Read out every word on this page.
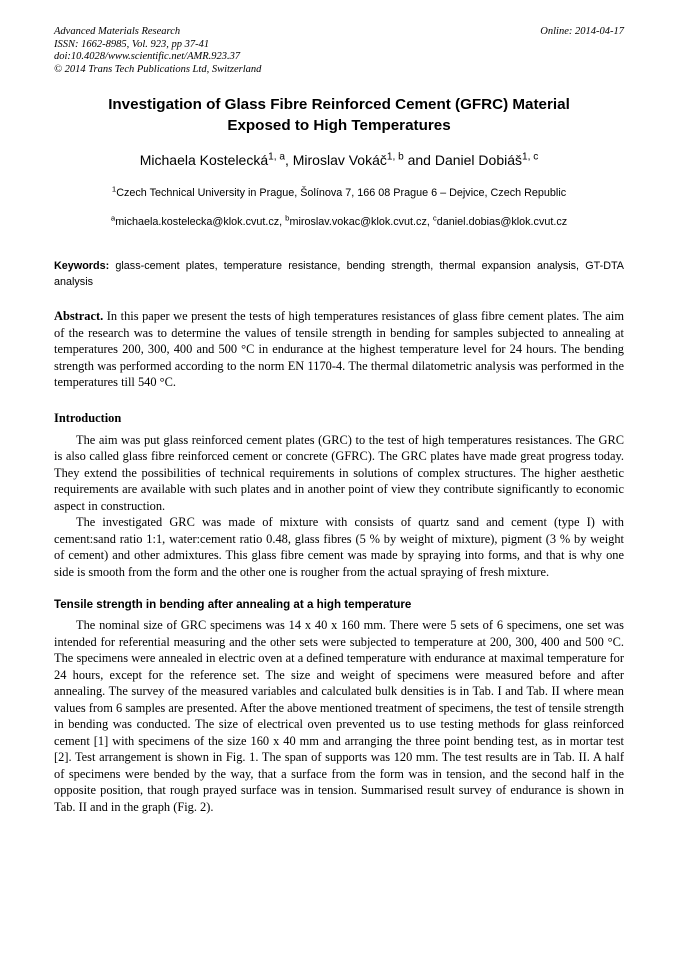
Advanced Materials Research
ISSN: 1662-8985, Vol. 923, pp 37-41
doi:10.4028/www.scientific.net/AMR.923.37
© 2014 Trans Tech Publications Ltd, Switzerland
Online: 2014-04-17
Investigation of Glass Fibre Reinforced Cement (GFRC) Material
Exposed to High Temperatures
Michaela Kostelecká$^{1, a}$, Miroslav Vokáč$^{1, b}$ and Daniel Dobiáš$^{1, c}$
$^1$Czech Technical University in Prague, Šolínova 7, 166 08 Prague 6 – Dejvice, Czech Republic
$^a$michaela.kostelecka@klok.cvut.cz, $^b$miroslav.vokac@klok.cvut.cz, $^c$daniel.dobias@klok.cvut.cz
Keywords: glass-cement plates, temperature resistance, bending strength, thermal expansion analysis, GT-DTA analysis
Abstract. In this paper we present the tests of high temperatures resistances of glass fibre cement plates. The aim of the research was to determine the values of tensile strength in bending for samples subjected to annealing at temperatures 200, 300, 400 and 500 °C in endurance at the highest temperature level for 24 hours. The bending strength was performed according to the norm EN 1170-4. The thermal dilatometric analysis was performed in the temperatures till 540 °C.
Introduction

The aim was put glass reinforced cement plates (GRC) to the test of high temperatures resistances. The GRC is also called glass fibre reinforced cement or concrete (GFRC). The GRC plates have made great progress today. They extend the possibilities of technical requirements in solutions of complex structures. The higher aesthetic requirements are available with such plates and in another point of view they contribute significantly to economic aspect in construction.

The investigated GRC was made of mixture with consists of quartz sand and cement (type I) with cement:sand ratio 1:1, water:cement ratio 0.48, glass fibres (5 % by weight of mixture), pigment (3 % by weight of cement) and other admixtures. This glass fibre cement was made by spraying into forms, and that is why one side is smooth from the form and the other one is rougher from the actual spraying of fresh mixture.

Tensile strength in bending after annealing at a high temperature

The nominal size of GRC specimens was 14 x 40 x 160 mm. There were 5 sets of 6 specimens, one set was intended for referential measuring and the other sets were subjected to temperature at 200, 300, 400 and 500 °C. The specimens were annealed in electric oven at a defined temperature with endurance at maximal temperature for 24 hours, except for the reference set. The size and weight of specimens were measured before and after annealing. The survey of the measured variables and calculated bulk densities is in Tab. I and Tab. II where mean values from 6 samples are presented. After the above mentioned treatment of specimens, the test of tensile strength in bending was conducted. The size of electrical oven prevented us to use testing methods for glass reinforced cement [1] with specimens of the size 160 x 40 mm and arranging the three point bending test, as in mortar test [2]. Test arrangement is shown in Fig. 1. The span of supports was 120 mm. The test results are in Tab. II. A half of specimens were bended by the way, that a surface from the form was in tension, and the second half in the opposite position, that rough prayed surface was in tension. Summarised result survey of endurance is shown in Tab. II and in the graph (Fig. 2).
